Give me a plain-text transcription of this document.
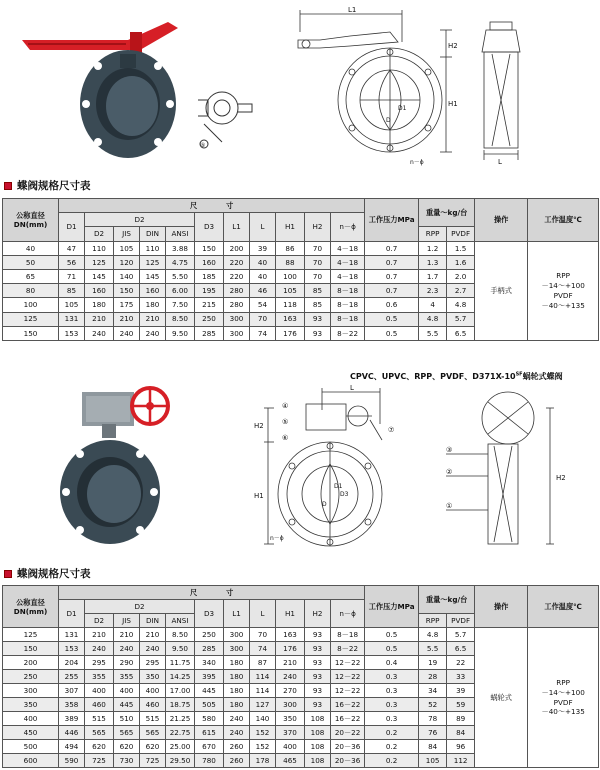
⑧
L1
H2
H1
D
D1
n－ϕ	L
蝶阀规格尺寸表
公称直径DN(mm)	尺　　　　寸											工作压力MPa	重量～kg/台		操作	工作温度℃
	D1	D2				D3	L1	L	H1	H2	n－ϕ					
		D2	JIS	DIN	ANSI								RPP	PVDF		
40	47	110	105	110	3.88	150	200	39	86	70	4－18	0.7	1.2	1.5	手柄式	RPP
－14～+100
PVDF
－40～+135

50	56	125	120	125	4.75	160	220	40	88	70	4－18	0.7	1.3	1.6		
65	71	145	140	145	5.50	185	220	40	100	70	4－18	0.7	1.7	2.0		
80	85	160	150	160	6.00	195	280	46	105	85	8－18	0.7	2.3	2.7		
100	105	180	175	180	7.50	215	280	54	118	85	8－18	0.6	4	4.8		
125	131	210	210	210	8.50	250	300	70	163	93	8－18	0.5	4.8	5.7		
150	153	240	240	240	9.50	285	300	74	176	93	8－22	0.5	5.5	6.5		
CPVC、UPVC、RPP、PVDF、$D371X-10^{SF}$蜗轮式蝶阀
L
H2
H1
D
D1
D3
n－ϕ
④
⑤
⑥
⑦
③
②
①
H2
蝶阀规格尺寸表
公称直径DN(mm)	尺　　　　寸											工作压力MPa	重量～kg/台		操作	工作温度℃
	D1	D2				D3	L1	L	H1	H2	n－ϕ					
		D2	JIS	DIN	ANSI								RPP	PVDF		
125	131	210	210	210	8.50	250	300	70	163	93	8－18	0.5	4.8	5.7	蜗轮式	RPP
－14～+100
PVDF
－40～+135

150	153	240	240	240	9.50	285	300	74	176	93	8－22	0.5	5.5	6.5		
200	204	295	290	295	11.75	340	180	87	210	93	12－22	0.4	19	22		
250	255	355	355	350	14.25	395	180	114	240	93	12－22	0.3	28	33		
300	307	400	400	400	17.00	445	180	114	270	93	12－22	0.3	34	39		
350	358	460	445	460	18.75	505	180	127	300	93	16－22	0.3	52	59		
400	389	515	510	515	21.25	580	240	140	350	108	16－22	0.3	78	89		
450	446	565	565	565	22.75	615	240	152	370	108	20－22	0.2	76	84		
500	494	620	620	620	25.00	670	260	152	400	108	20－36	0.2	84	96		
600	590	725	730	725	29.50	780	260	178	465	108	20－36	0.2	105	112		
